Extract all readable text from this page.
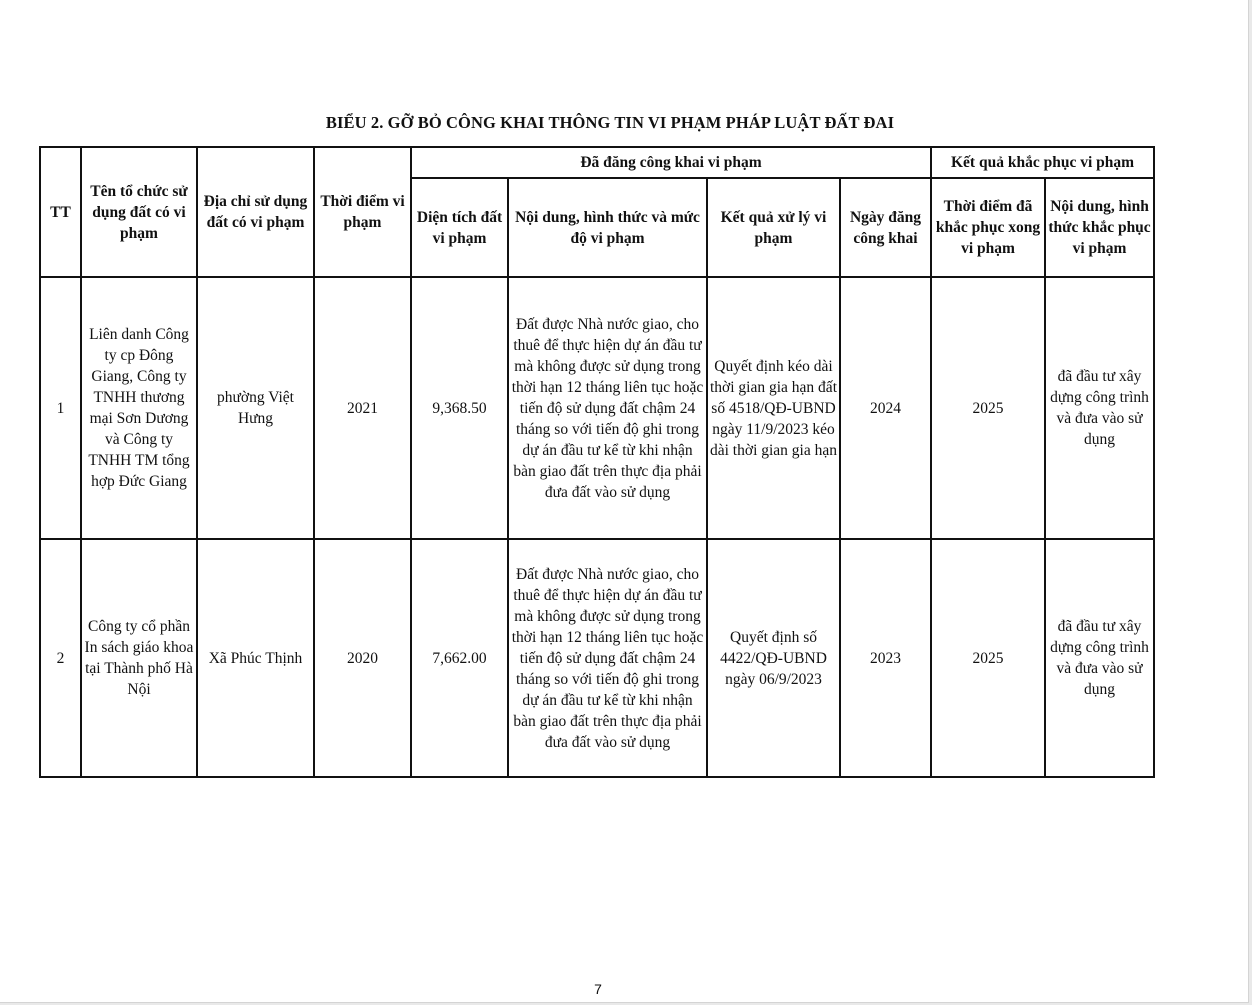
BIỂU 2. GỠ BỎ CÔNG KHAI THÔNG TIN VI PHẠM PHÁP LUẬT ĐẤT ĐAI
TT	Tên tổ chức sử dụng đất có vi phạm	Địa chỉ sử dụng đất có vi phạm	Thời điểm vi phạm	Đã đăng công khai vi phạm				Kết quả khắc phục vi phạm	
				Diện tích đất vi phạm	Nội dung, hình thức và mức độ vi phạm	Kết quả xử lý vi phạm	Ngày đăng công khai	Thời điểm đã khắc phục xong vi phạm	Nội dung, hình thức khắc phục vi phạm
1	Liên danh Công ty cp Đông Giang, Công ty TNHH thương mại Sơn Dương và Công ty TNHH TM tổng hợp Đức Giang	phường Việt Hưng	2021	9,368.50	Đất được Nhà nước giao, cho thuê để thực hiện dự án đầu tư mà không được sử dụng trong thời hạn 12 tháng liên tục hoặc tiến độ sử dụng đất chậm 24 tháng so với tiến độ ghi trong dự án đầu tư kể từ khi nhận bàn giao đất trên thực địa phải đưa đất vào sử dụng	Quyết định kéo dài thời gian gia hạn đất số 4518/QĐ-UBND ngày 11/9/2023 kéo dài thời gian gia hạn	2024	2025	đã đầu tư xây dựng công trình và đưa vào sử dụng
2	Công ty cổ phần In sách giáo khoa tại Thành phố Hà Nội	Xã Phúc Thịnh	2020	7,662.00	Đất được Nhà nước giao, cho thuê để thực hiện dự án đầu tư mà không được sử dụng trong thời hạn 12 tháng liên tục hoặc tiến độ sử dụng đất chậm 24 tháng so với tiến độ ghi trong dự án đầu tư kể từ khi nhận bàn giao đất trên thực địa phải đưa đất vào sử dụng	Quyết định số 4422/QĐ-UBND ngày 06/9/2023	2023	2025	đã đầu tư xây dựng công trình và đưa vào sử dụng
7
